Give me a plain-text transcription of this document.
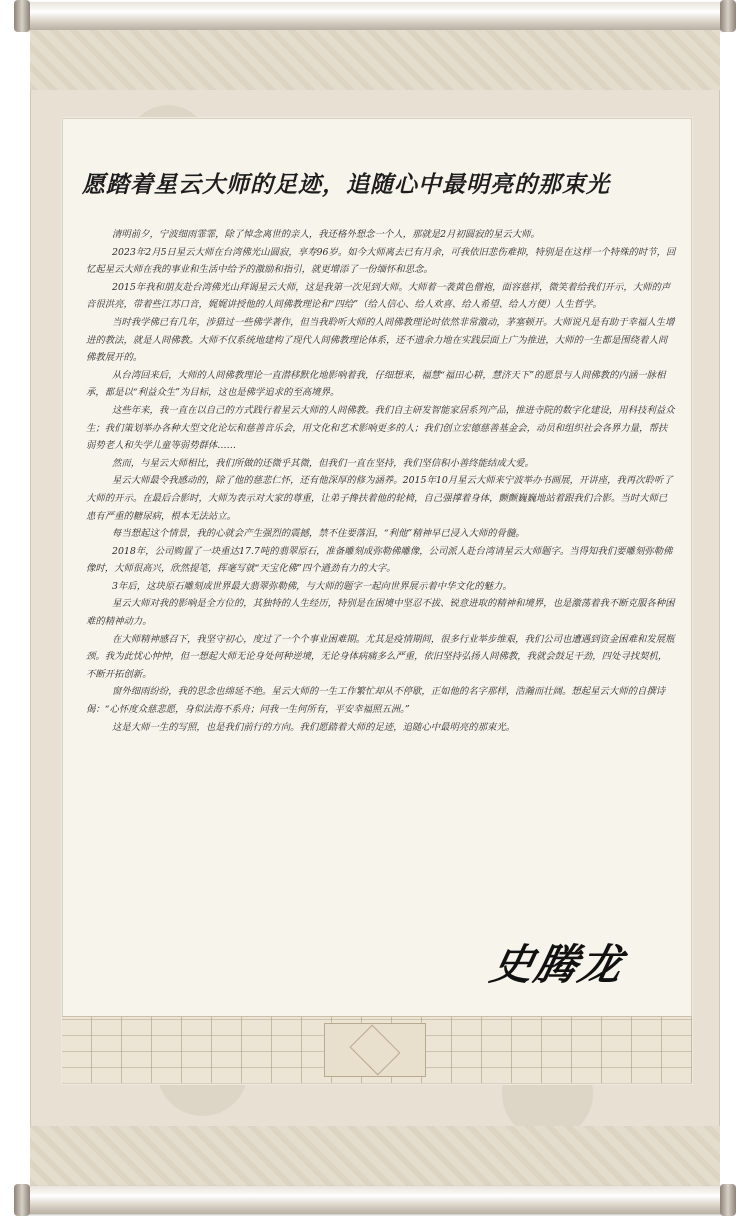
愿踏着星云大师的足迹，追随心中最明亮的那束光

清明前夕，宁波细雨霏霏，除了悼念离世的亲人，我还格外想念一个人，那就是2月初圆寂的星云大师。

2023年2月5日星云大师在台湾佛光山圆寂，享寿96岁。如今大师离去已有月余，可我依旧悲伤难抑，特别是在这样一个特殊的时节，回忆起星云大师在我的事业和生活中给予的激励和指引，就更增添了一份缅怀和思念。

2015年我和朋友赴台湾佛光山拜谒星云大师，这是我第一次见到大师。大师着一袭黄色僧袍，面容慈祥，微笑着给我们开示，大师的声音很洪亮，带着些江苏口音，娓娓讲授他的人间佛教理论和“四给”（给人信心、给人欢喜、给人希望、给人方便）人生哲学。

当时我学佛已有几年，涉猎过一些佛学著作，但当我聆听大师的人间佛教理论时依然非常激动，茅塞顿开。大师说凡是有助于幸福人生增进的教法，就是人间佛教。大师不仅系统地建构了现代人间佛教理论体系，还不遗余力地在实践层面上广为推进，大师的一生都是围绕着人间佛教展开的。

从台湾回来后，大师的人间佛教理论一直潜移默化地影响着我，仔细想来，福慧“福田心耕，慧济天下”的愿景与人间佛教的内涵一脉相承，都是以“利益众生”为目标，这也是佛学追求的至高境界。

这些年来，我一直在以自己的方式践行着星云大师的人间佛教。我们自主研发智能家居系列产品，推进寺院的数字化建设，用科技利益众生；我们策划举办各种大型文化论坛和慈善音乐会，用文化和艺术影响更多的人；我们创立宏德慈善基金会，动员和组织社会各界力量，帮扶弱势老人和失学儿童等弱势群体……

然而，与星云大师相比，我们所做的还微乎其微，但我们一直在坚持，我们坚信积小善终能结成大爱。

星云大师最令我感动的，除了他的慈悲仁怀，还有他深厚的修为涵养。2015年10月星云大师来宁波举办书画展，开讲座，我再次聆听了大师的开示。在最后合影时，大师为表示对大家的尊重，让弟子搀扶着他的轮椅，自己强撑着身体，颤颤巍巍地站着跟我们合影。当时大师已患有严重的糖尿病，根本无法站立。

每当想起这个情景，我的心就会产生强烈的震撼，禁不住要落泪，“利他”精神早已浸入大师的骨髓。

2018年，公司购置了一块重达17.7吨的翡翠原石，准备雕刻成弥勒佛雕像，公司派人赴台湾请星云大师题字。当得知我们要雕刻弥勒佛像时，大师很高兴，欣然提笔，挥毫写就“天宝化佛”四个遒劲有力的大字。

3年后，这块原石雕刻成世界最大翡翠弥勒佛，与大师的题字一起向世界展示着中华文化的魅力。

星云大师对我的影响是全方位的，其独特的人生经历，特别是在困境中坚忍不拔、锐意进取的精神和境界，也是激荡着我不断克服各种困难的精神动力。

在大师精神感召下，我坚守初心，度过了一个个事业困难期。尤其是疫情期间，很多行业举步维艰，我们公司也遭遇到资金困难和发展瓶颈。我为此忧心忡忡，但一想起大师无论身处何种逆境，无论身体病痛多么严重，依旧坚持弘扬人间佛教，我就会鼓足干劲，四处寻找契机，不断开拓创新。

窗外细雨纷纷，我的思念也绵延不绝。星云大师的一生工作繁忙却从不停歇，正如他的名字那样，浩瀚而壮阔。想起星云大师的自撰诗偈：“心怀度众慈悲愿，身似法海不系舟；问我一生何所有，平安幸福照五洲。”

这是大师一生的写照，也是我们前行的方向。我们愿踏着大师的足迹，追随心中最明亮的那束光。

史腾龙
